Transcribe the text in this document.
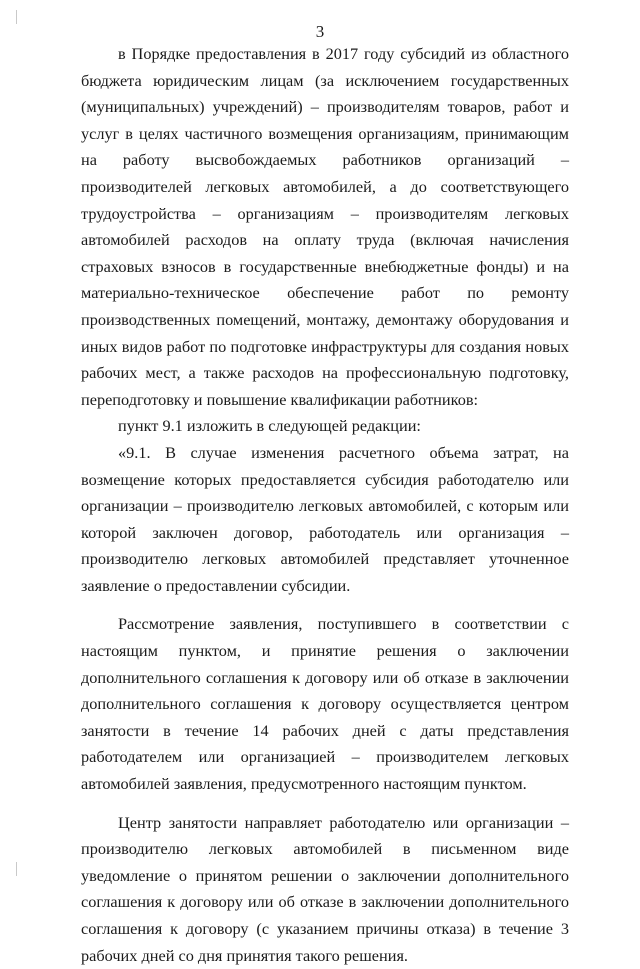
3

в Порядке предоставления в 2017 году субсидий из областного бюджета юридическим лицам (за исключением государственных (муниципальных) учреждений) – производителям товаров, работ и услуг в целях частичного возмещения организациям, принимающим на работу высвобождаемых работников организаций – производителей легковых автомобилей, а до соответствующего трудоустройства – организациям – производителям легковых автомобилей расходов на оплату труда (включая начисления страховых взносов в государственные внебюджетные фонды) и на материально-техническое обеспечение работ по ремонту производственных помещений, монтажу, демонтажу оборудования и иных видов работ по подготовке инфраструктуры для создания новых рабочих мест, а также расходов на профессиональную подготовку, переподготовку и повышение квалификации работников:

пункт 9.1 изложить в следующей редакции:

«9.1. В случае изменения расчетного объема затрат, на возмещение которых предоставляется субсидия работодателю или организации – производителю легковых автомобилей, с которым или которой заключен договор, работодатель или организация – производителю легковых автомобилей представляет уточненное заявление о предоставлении субсидии.

Рассмотрение заявления, поступившего в соответствии с настоящим пунктом, и принятие решения о заключении дополнительного соглашения к договору или об отказе в заключении дополнительного соглашения к договору осуществляется центром занятости в течение 14 рабочих дней с даты представления работодателем или организацией – производителем легковых автомобилей заявления, предусмотренного настоящим пунктом.

Центр занятости направляет работодателю или организации – производителю легковых автомобилей в письменном виде уведомление о принятом решении о заключении дополнительного соглашения к договору или об отказе в заключении дополнительного соглашения к договору (с указанием причины отказа) в течение 3 рабочих дней со дня принятия такого решения.
